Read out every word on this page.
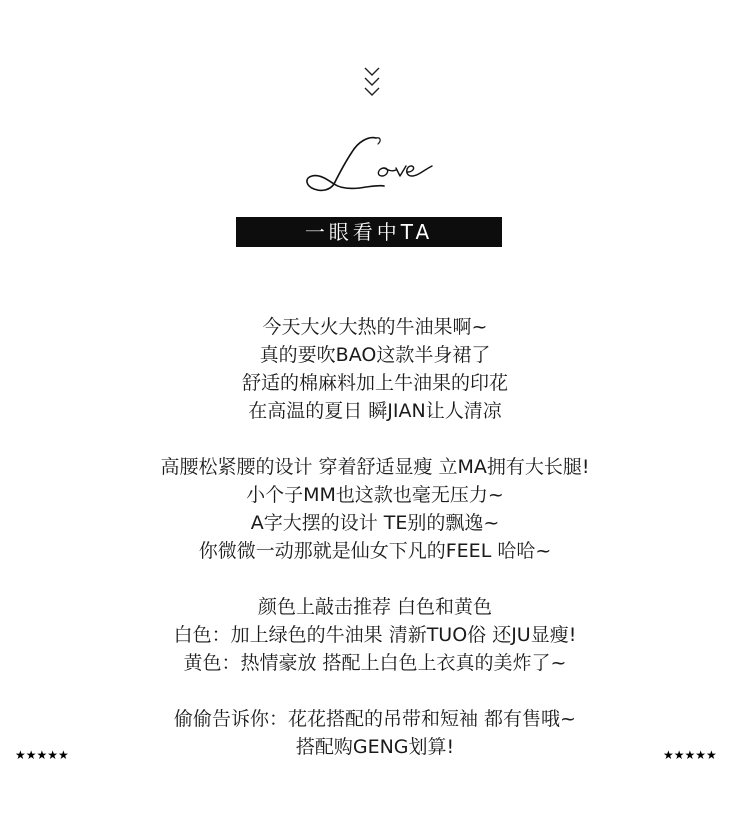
一眼看中TA
今天大火大热的牛油果啊~
真的要吹BAO这款半身裙了
舒适的棉麻料加上牛油果的印花
在高温的夏日 瞬JIAN让人清凉
高腰松紧腰的设计 穿着舒适显瘦 立MA拥有大长腿!
小个子MM也这款也毫无压力~
A字大摆的设计 TE别的飘逸~
你微微一动那就是仙女下凡的FEEL 哈哈~
颜色上敲击推荐 白色和黄色
白色：加上绿色的牛油果 清新TUO俗 还JU显瘦!
黄色：热情豪放 搭配上白色上衣真的美炸了~
偷偷告诉你：花花搭配的吊带和短袖 都有售哦~
搭配购GENG划算!
★★★★★	★★★★★
